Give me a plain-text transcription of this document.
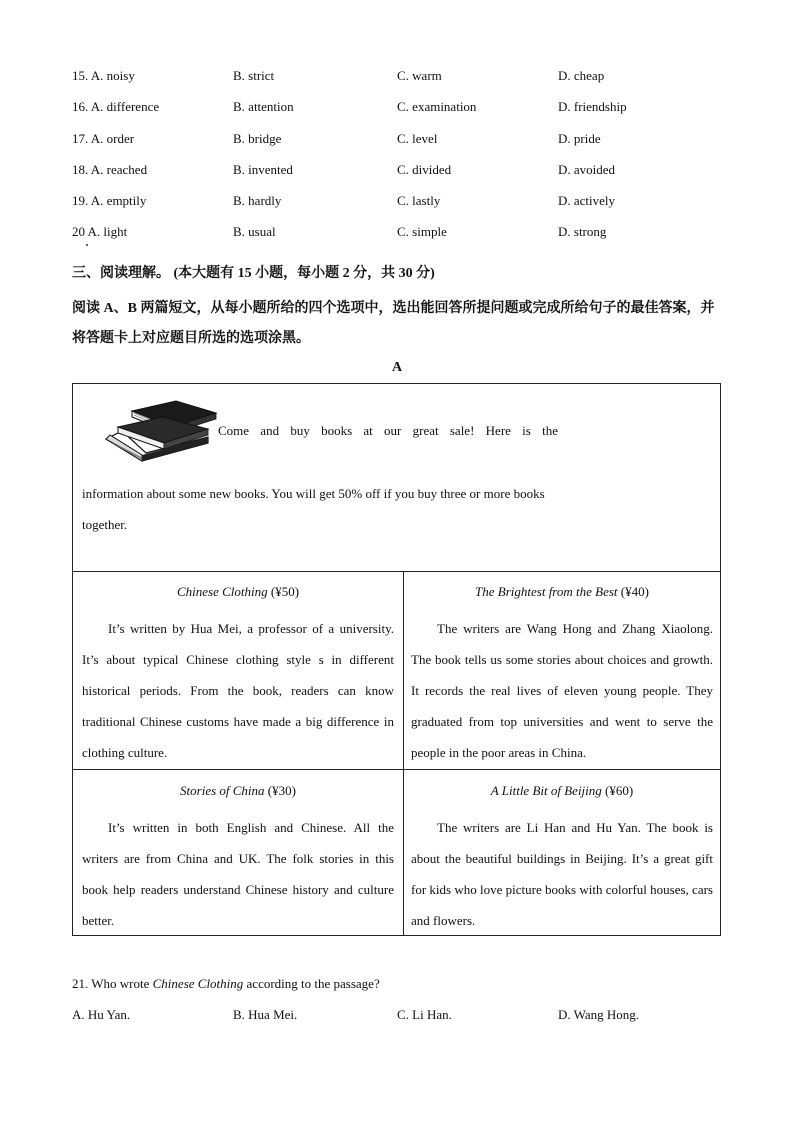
15. A. noisy	B. strict	C. warm	D. cheap
16. A. difference	B. attention	C. examination	D. friendship
17. A. order	B. bridge	C. level	D. pride
18. A. reached	B. invented	C. divided	D. avoided
19. A. emptily	B. hardly	C. lastly	D. actively
20 A. light	B. usual	C. simple	D. strong
三、阅读理解。 (本大题有 15 小题，每小题 2 分，共 30 分)
阅读 A、B 两篇短文，从每小题所给的四个选项中，选出能回答所提问题或完成所给句子的最佳答案，并将答题卡上对应题目所选的选项涂黑。
A
Come and buy books at our great sale! Here is the
information about some new books. You will get 50% off if you buy three or more books together.
Chinese Clothing (¥50)
It’s written by Hua Mei, a professor of a university. It’s about typical Chinese clothing style s in different historical periods. From the book, readers can know traditional Chinese customs have made a big difference in clothing culture.
The Brightest from the Best (¥40)
The writers are Wang Hong and Zhang Xiaolong. The book tells us some stories about choices and growth. It records the real lives of eleven young people. They graduated from top universities and went to serve the people in the poor areas in China.
Stories of China (¥30)
It’s written in both English and Chinese. All the writers are from China and UK. The folk stories in this book help readers understand Chinese history and culture better.
A Little Bit of Beijing (¥60)
The writers are Li Han and Hu Yan. The book is about the beautiful buildings in Beijing. It’s a great gift for kids who love picture books with colorful houses, cars and flowers.
21. Who wrote Chinese Clothing according to the passage?
A. Hu Yan.	B. Hua Mei.	C. Li Han.	D. Wang Hong.
